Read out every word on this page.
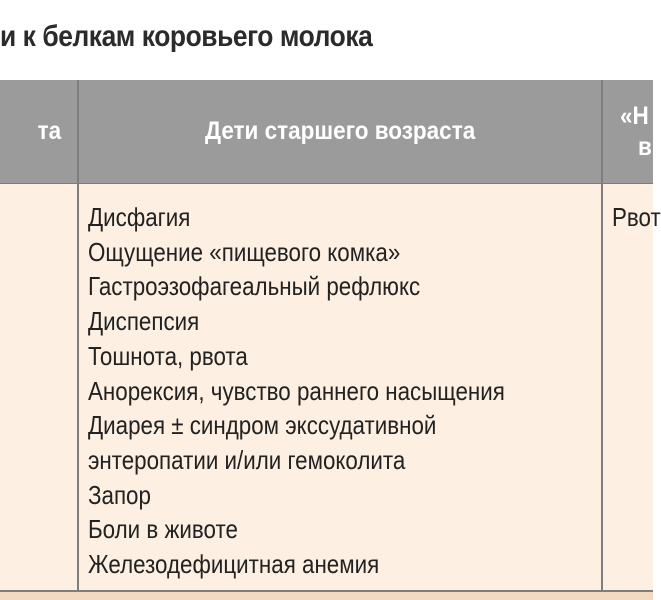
и к белкам коровьего молока
та	Дети старшего возраста
«Н
в
Дисфагия
Ощущение «пищевого комка»
Гастроэзофагеальный рефлюкс
Диспепсия
Тошнота, рвота
Анорексия, чувство раннего насыщения
Диарея ± синдром экссудативной
энтеропатии и/или гемоколита
Запор
Боли в животе
Железодефицитная анемия
Рвот
